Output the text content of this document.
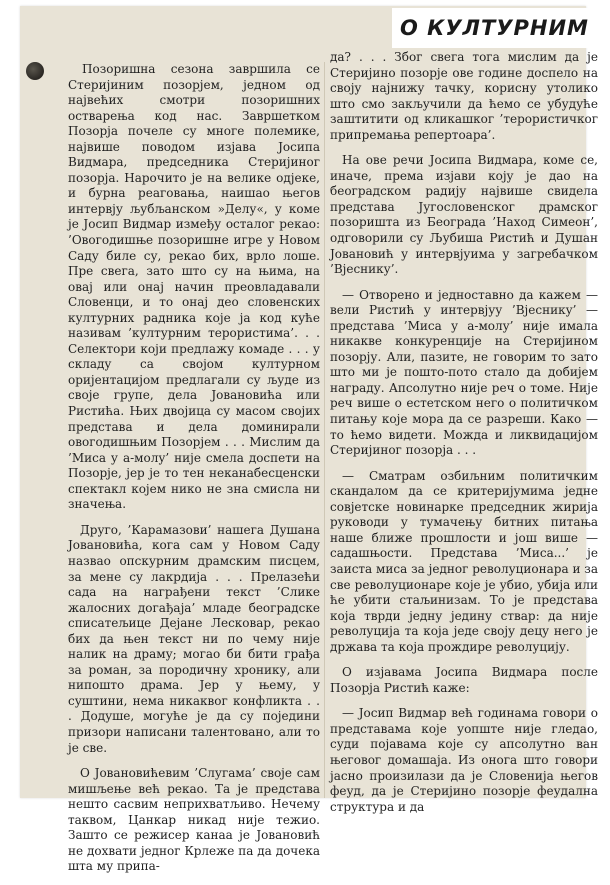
Позоришна сезона завршила се Стеријиним позорјем, једном од највећих смотри позоришних остварења код нас. Завршетком Позорја почеле су многе полемике, највише поводом изјава Јосипа Видмара, председника Стеријиног позорја. Нарочито је на велике одјеке, и бурна реаговања, наишао његов интервју љубљанском »Делу«, у коме је Јосип Видмар између осталог рекао: ’Овогодишње позоришне игре у Новом Саду биле су, рекао бих, врло лоше. Пре свега, зато што су на њима, на овај или онај начин преовладавали Словенци, и то онај део словенских културних радника које ја код куће називам ’културним терористима’. . . Селектори који предлажу комаде . . . у складу са својом културном оријентацијом предлагали су људе из своје групе, дела Јовановића или Ристића. Њих двојица су масом својих представа и дела доминирали овогодишњим Позорјем . . . Мислим да ’Миса у а-молу’ није смела доспети на Позорје, јер је то тен неканабесценски спектакл којем нико не зна смисла ни значења.

Друго, ’Карамазови’ нашега Душана Јовановића, кога сам у Новом Саду назвао опскурним драмским писцем, за мене су лакрдија . . . Прелазећи сада на награђени текст ’Слике жалосних догађаја’ младе београдске списатељице Дејане Лесковар, рекао бих да њен текст ни по чему није налик на драму; могао би бити грађа за роман, за породичну хронику, али нипошто драма. Јер у њему, у суштини, нема никаквог конфликта . . . Додуше, могуће је да су поједини призори написани талентовано, али то је све.

О Јовановићевим ’Слугама’ своје сам мишљење већ рекао. Та је представа нешто сасвим неприхватљиво. Нечему таквом, Цанкар никад није тежио. Зашто се режисер канаа је Јовановић не дохвати једног Крлеже па да дочека шта му припа-

да? . . . Због свега тога мислим да је Стеријино позорје ове године доспело на своју најнижу тачку, корисну утолико што смо закључили да ћемо се убудуће заштитити од кликашког ’терористичког припремања репертоара’.

На ове речи Јосипа Видмара, коме се, иначе, према изјави коју је дао на београдском радију највише свидела представа Југословенског драмског позоришта из Београда ’Наход Симеон’, одговорили су Љубиша Ристић и Душан Јовановић у интервјуима у загребачком ’Вјеснику’.

— Отворено и једноставно да кажем — вели Ристић у интервјуу ’Вјеснику’ — представа ’Миса у а-молу’ није имала никакве конкуренције на Стеријином позорју. Али, пазите, не говорим то зато што ми је пошто-пото стало да добијем награду. Апсолутно није реч о томе. Није реч више о естетском него о политичком питању које мора да се разреши. Како — то ћемо видети. Можда и ликвидацијом Стеријиног позорја . . .

— Сматрам озбиљним политичким скандалом да се критеријумима једне совјетске новинарке председник жирија руководи у тумачењу битних питања наше ближе прошлости и још више — садашњости. Представа ’Миса...’ је заиста миса за једног револуционара и за све револуционаре које је убио, убија или ће убити стаљинизам. То је представа која тврди једну једину ствар: да није револуција та која једе своју децу него је држава та која прождире револуцију.

О изјавама Јосипа Видмара после Позорја Ристић каже:

— Јосип Видмар већ годинама говори о представама које уопште није гледао, суди појавама које су апсолутно ван његовог домашаја. Из онога што говори јасно произилази да је Словенија његов феуд, да је Стеријино позорје феудална структура и да

О КУЛТУРНИМ
